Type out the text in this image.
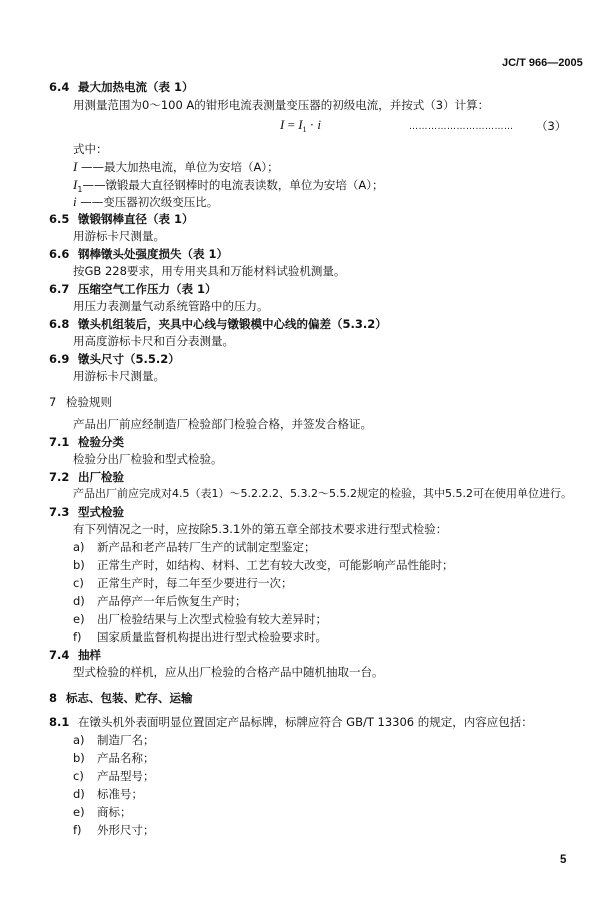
JC/T 966—2005
6.4 最大加热电流（表 1）
用测量范围为0～100 A的钳形电流表测量变压器的初级电流，并按式（3）计算：
$I = I_1 \cdot i$	…………………………… （3）
式中：
I ——最大加热电流，单位为安培（A）；
$I_1——$镦锻最大直径钢棒时的电流表读数，单位为安培（A）；
i ——变压器初次级变压比。
6.5 镦锻钢棒直径（表 1）
用游标卡尺测量。
6.6 钢棒镦头处强度损失（表 1）
按GB 228要求，用专用夹具和万能材料试验机测量。
6.7 压缩空气工作压力（表 1）
用压力表测量气动系统管路中的压力。
6.8 镦头机组装后，夹具中心线与镦锻模中心线的偏差（5.3.2）
用高度游标卡尺和百分表测量。
6.9 镦头尺寸（5.5.2）
用游标卡尺测量。
7 检验规则
产品出厂前应经制造厂检验部门检验合格，并签发合格证。
7.1 检验分类
检验分出厂检验和型式检验。
7.2 出厂检验
产品出厂前应完成对4.5（表1）～5.2.2.2、5.3.2～5.5.2规定的检验，其中5.5.2可在使用单位进行。
7.3 型式检验
有下列情况之一时，应按除5.3.1外的第五章全部技术要求进行型式检验：
a) 新产品和老产品转厂生产的试制定型鉴定；
b) 正常生产时，如结构、材料、工艺有较大改变，可能影响产品性能时；
c) 正常生产时，每二年至少要进行一次；
d) 产品停产一年后恢复生产时；
e) 出厂检验结果与上次型式检验有较大差异时；
f) 国家质量监督机构提出进行型式检验要求时。
7.4 抽样
型式检验的样机，应从出厂检验的合格产品中随机抽取一台。
8 标志、包装、贮存、运输
8.1 在镦头机外表面明显位置固定产品标牌，标牌应符合 GB/T 13306 的规定，内容应包括：
a) 制造厂名；
b) 产品名称；
c) 产品型号；
d) 标准号；
e) 商标；
f) 外形尺寸；
5
